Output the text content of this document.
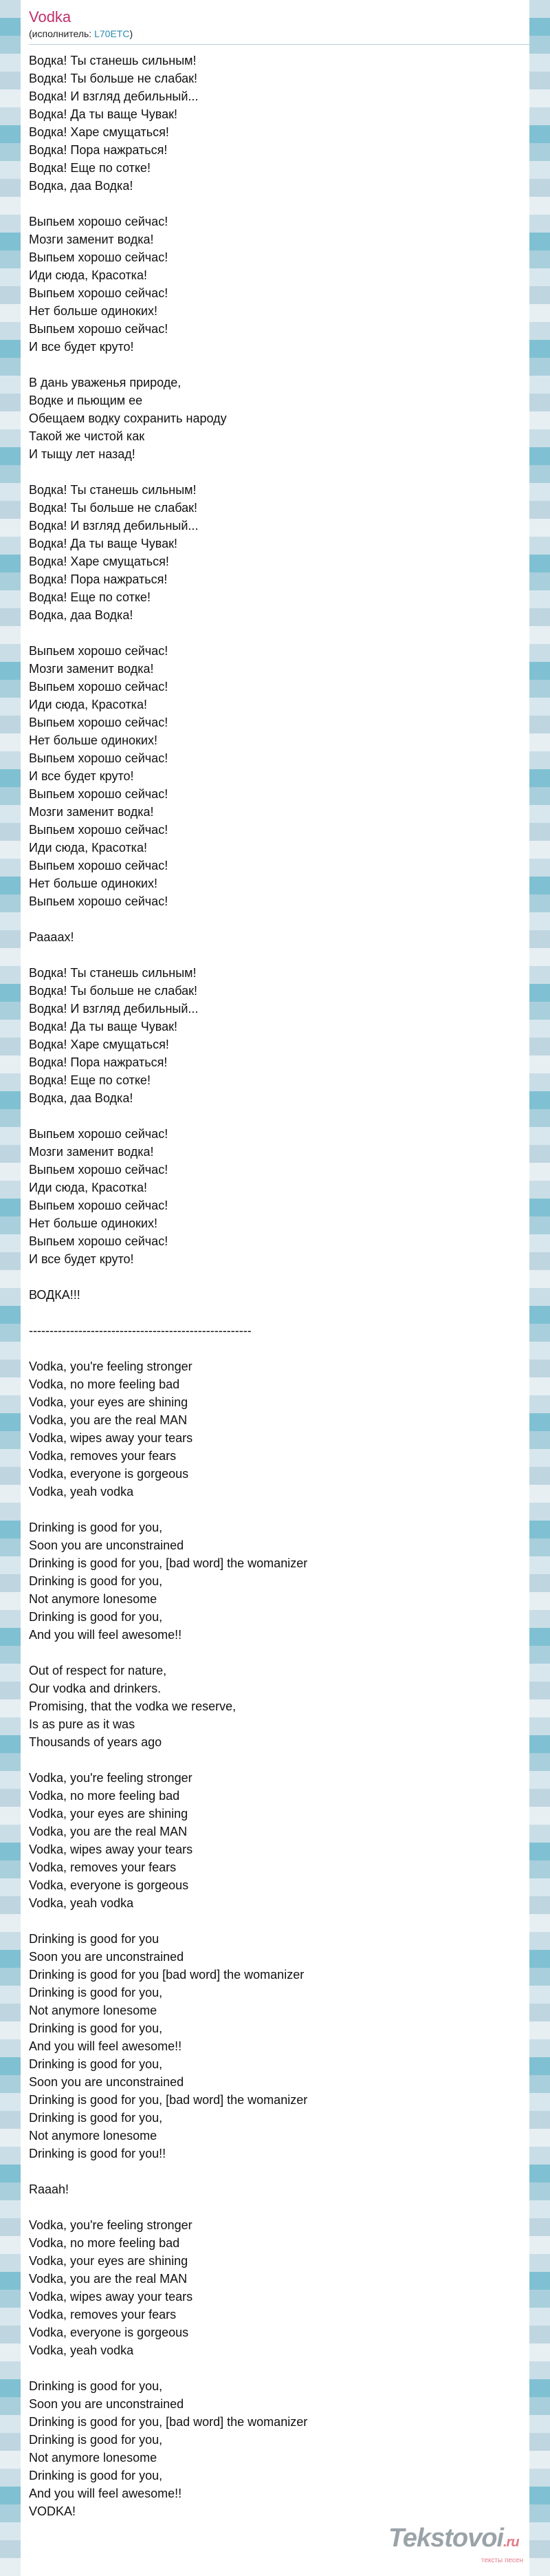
Vodka

(исполнитель: L70ETC)

Водка! Ты станешь сильным!
Водка! Ты больше не слабак!
Водка! И взгляд дебильный...
Водка! Да ты ваще Чувак!
Водка! Харе смущаться!
Водка! Пора нажраться!
Водка! Еще по сотке!
Водка, даа Водка!

Выпьем хорошо сейчас!
Мозги заменит водка!
Выпьем хорошо сейчас!
Иди сюда, Красотка!
Выпьем хорошо сейчас!
Нет больше одиноких!
Выпьем хорошо сейчас!
И все будет круто!

В дань уваженья природе,
Водке и пьющим ее
Обещаем водку сохранить народу
Такой же чистой как
И тыщу лет назад!

Водка! Ты станешь сильным!
Водка! Ты больше не слабак!
Водка! И взгляд дебильный...
Водка! Да ты ваще Чувак!
Водка! Харе смущаться!
Водка! Пора нажраться!
Водка! Еще по сотке!
Водка, даа Водка!

Выпьем хорошо сейчас!
Мозги заменит водка!
Выпьем хорошо сейчас!
Иди сюда, Красотка!
Выпьем хорошо сейчас!
Нет больше одиноких!
Выпьем хорошо сейчас!
И все будет круто!
Выпьем хорошо сейчас!
Мозги заменит водка!
Выпьем хорошо сейчас!
Иди сюда, Красотка!
Выпьем хорошо сейчас!
Нет больше одиноких!
Выпьем хорошо сейчас!

Рааааx!

Водка! Ты станешь сильным!
Водка! Ты больше не слабак!
Водка! И взгляд дебильный...
Водка! Да ты ваще Чувак!
Водка! Харе смущаться!
Водка! Пора нажраться!
Водка! Еще по сотке!
Водка, даа Водка!

Выпьем хорошо сейчас!
Мозги заменит водка!
Выпьем хорошо сейчас!
Иди сюда, Красотка!
Выпьем хорошо сейчас!
Нет больше одиноких!
Выпьем хорошо сейчас!
И все будет круто!

ВОДКА!!!

------------------------------------------------------

Vodka, you're feeling stronger
Vodka, no more feeling bad
Vodka, your eyes are shining
Vodka, you are the real MAN
Vodka, wipes away your tears
Vodka, removes your fears
Vodka, everyone is gorgeous
Vodka, yeah vodka

Drinking is good for you,
Soon you are unconstrained
Drinking is good for you, [bad word] the womanizer
Drinking is good for you,
Not anymore lonesome
Drinking is good for you,
And you will feel awesome!!

Out of respect for nature,
Our vodka and drinkers.
Promising, that the vodka we reserve,
Is as pure as it was
Thousands of years ago

Vodka, you're feeling stronger
Vodka, no more feeling bad
Vodka, your eyes are shining
Vodka, you are the real MAN
Vodka, wipes away your tears
Vodka, removes your fears
Vodka, everyone is gorgeous
Vodka, yeah vodka

Drinking is good for you
Soon you are unconstrained
Drinking is good for you [bad word] the womanizer
Drinking is good for you,
Not anymore lonesome
Drinking is good for you,
And you will feel awesome!!
Drinking is good for you,
Soon you are unconstrained
Drinking is good for you, [bad word] the womanizer
Drinking is good for you,
Not anymore lonesome
Drinking is good for you!!

Raaah!

Vodka, you're feeling stronger
Vodka, no more feeling bad
Vodka, your eyes are shining
Vodka, you are the real MAN
Vodka, wipes away your tears
Vodka, removes your fears
Vodka, everyone is gorgeous
Vodka, yeah vodka

Drinking is good for you,
Soon you are unconstrained
Drinking is good for you, [bad word] the womanizer
Drinking is good for you,
Not anymore lonesome
Drinking is good for you,
And you will feel awesome!!
VODKA!
Tekstovoi.ru
тексты песен
